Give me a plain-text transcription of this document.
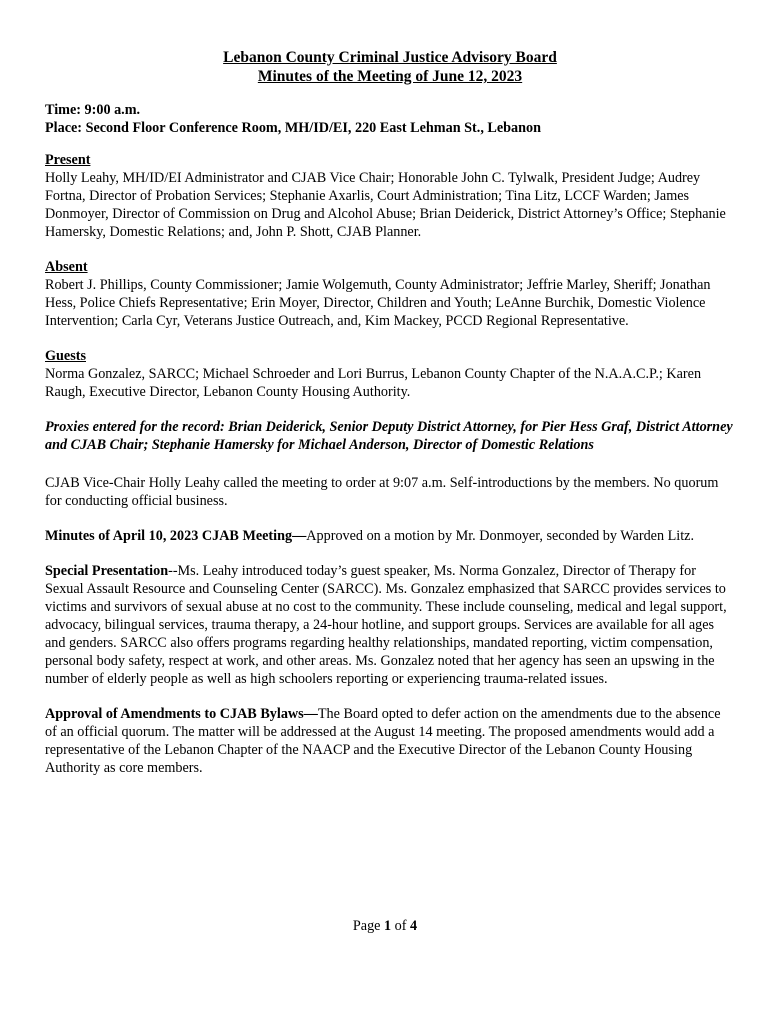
Lebanon County Criminal Justice Advisory Board

Minutes of the Meeting of June 12, 2023

Time: 9:00 a.m.

Place: Second Floor Conference Room, MH/ID/EI, 220 East Lehman St., Lebanon

Present

Holly Leahy, MH/ID/EI Administrator and CJAB Vice Chair; Honorable John C. Tylwalk, President Judge; Audrey Fortna, Director of Probation Services; Stephanie Axarlis, Court Administration; Tina Litz, LCCF Warden; James Donmoyer, Director of Commission on Drug and Alcohol Abuse; Brian Deiderick, District Attorney’s Office; Stephanie Hamersky, Domestic Relations; and, John P. Shott, CJAB Planner.

Absent

Robert J. Phillips, County Commissioner; Jamie Wolgemuth, County Administrator; Jeffrie Marley, Sheriff; Jonathan Hess, Police Chiefs Representative; Erin Moyer, Director, Children and Youth; LeAnne Burchik, Domestic Violence Intervention; Carla Cyr, Veterans Justice Outreach, and, Kim Mackey, PCCD Regional Representative.

Guests

Norma Gonzalez, SARCC; Michael Schroeder and Lori Burrus, Lebanon County Chapter of the N.A.A.C.P.; Karen Raugh, Executive Director, Lebanon County Housing Authority.

Proxies entered for the record: Brian Deiderick, Senior Deputy District Attorney, for Pier Hess Graf, District Attorney and CJAB Chair; Stephanie Hamersky for Michael Anderson, Director of Domestic Relations

CJAB Vice-Chair Holly Leahy called the meeting to order at 9:07 a.m. Self-introductions by the members. No quorum for conducting official business.

Minutes of April 10, 2023 CJAB Meeting—Approved on a motion by Mr. Donmoyer, seconded by Warden Litz.

Special Presentation--Ms. Leahy introduced today’s guest speaker, Ms. Norma Gonzalez, Director of Therapy for Sexual Assault Resource and Counseling Center (SARCC). Ms. Gonzalez emphasized that SARCC provides services to victims and survivors of sexual abuse at no cost to the community. These include counseling, medical and legal support, advocacy, bilingual services, trauma therapy, a 24-hour hotline, and support groups. Services are available for all ages and genders. SARCC also offers programs regarding healthy relationships, mandated reporting, victim compensation, personal body safety, respect at work, and other areas. Ms. Gonzalez noted that her agency has seen an upswing in the number of elderly people as well as high schoolers reporting or experiencing trauma-related issues.

Approval of Amendments to CJAB Bylaws—The Board opted to defer action on the amendments due to the absence of an official quorum. The matter will be addressed at the August 14 meeting. The proposed amendments would add a representative of the Lebanon Chapter of the NAACP and the Executive Director of the Lebanon County Housing Authority as core members.

Page 1 of 4
